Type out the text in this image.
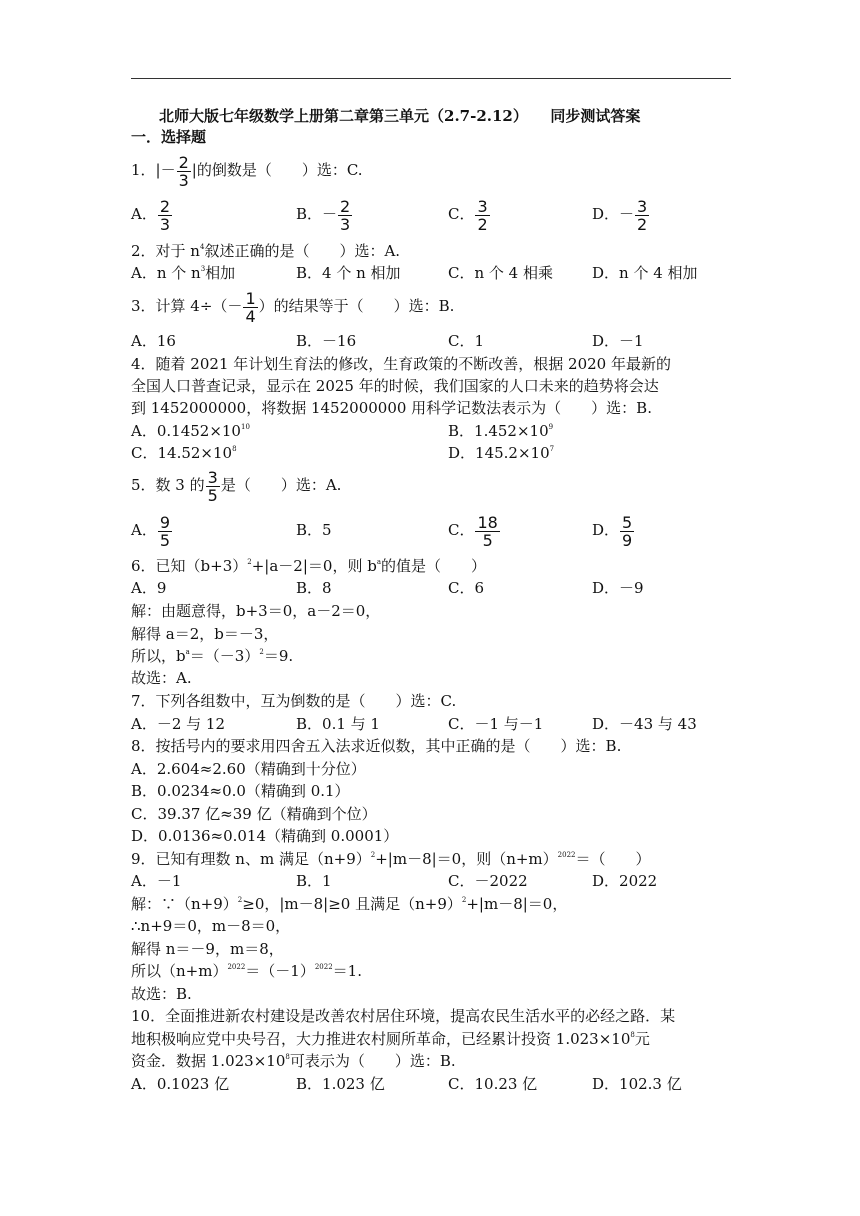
北师大版七年级数学上册第二章第三单元（2.7-2.12）　　同步测试答案
一．选择题
1．|－ $\frac{2}{3}$ |的倒数是（　　）选：C.
A． $\frac{2}{3}$	B．－ $\frac{2}{3}$	C． $\frac{3}{2}$	D．－ $\frac{3}{2}$
2．对于 $n^4$叙述正确的是（　　）选：A.
A．n 个 $n^3$相加	B．4 个 n 相加	C．n 个 4 相乘	D．n 个 4 相加
3．计算 $4\div(- \frac{1}{4}$ ）的结果等于（　　）选：B.
A．16	B．－16	C．1	D．－1
4．随着 2021 年计划生育法的修改，生育政策的不断改善，根据 2020 年最新的
全国人口普查记录，显示在 2025 年的时候，我们国家的人口未来的趋势将会达
到 1452000000，将数据 1452000000 用科学记数法表示为（　　）选：B.
A．$0.1452\times 10^{10}$	B．$1.452\times 10^9$
C．$14.52\times 10^8$	D．$145.2\times 10^7$
5．数 3 的 $\frac{3}{5}$ 是（　　）选：A.
A． $\frac{9}{5}$	B．5	C． $\frac{18}{5}$	D． $\frac{5}{9}$
6．已知$(b+3)^2+|a-2|=0$，则 $b^a$的值是（　　）
A．9	B．8	C．6	D．－9
解：由题意得，b+3＝0，a－2＝0，
解得 a＝2，b＝－3，
所以，$b^a=(-3)^2=9$.
故选：A.
7．下列各组数中，互为倒数的是（　　）选：C.
A．－2 与 12	B．0.1 与 1	C．－1 与－1	D．－43 与 43
8．按括号内的要求用四舍五入法求近似数，其中正确的是（　　）选：B.
A．2.604≈2.60（精确到十分位）
B．0.0234≈0.0（精确到 0.1）
C．39.37 亿≈39 亿（精确到个位）
D．0.0136≈0.014（精确到 0.0001）
9．已知有理数 n、m 满足$(n+9)^2+|m-8|=0$，则$(n+m)^{2022}=$（　　）
A．－1	B．1	C．－2022	D．2022
解：$\because(n+9)^2\ge 0$，|m－8|≥0 且满足$(n+9)^2+|m-8|=0$，
∴n+9＝0，m－8＝0，
解得 n＝－9，m＝8，
所以$(n+m)^{2022}=(-1)^{2022}=1$.
故选：B.
10．全面推进新农村建设是改善农村居住环境，提高农民生活水平的必经之路．某
地积极响应党中央号召，大力推进农村厕所革命，已经累计投资 $1.023\times 10^8$元
资金．数据 $1.023\times 10^8$可表示为（　　）选：B.
A．0.1023 亿	B．1.023 亿	C．10.23 亿	D．102.3 亿
